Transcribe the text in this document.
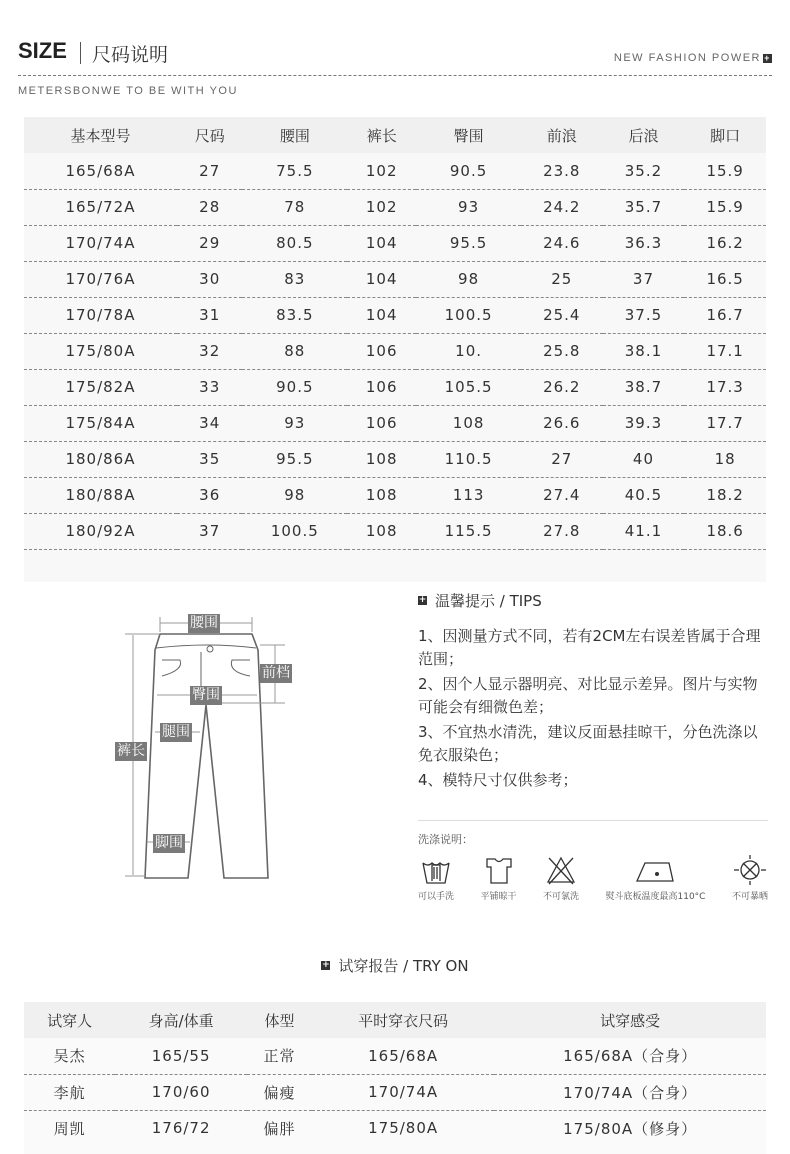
SIZE 尺码说明	NEW FASHION POWER +
METERSBONWE TO BE WITH YOU
基本型号	尺码	腰围	裤长	臀围	前浪	后浪	脚口
165/68A	27	75.5	102	90.5	23.8	35.2	15.9
165/72A	28	78	102	93	24.2	35.7	15.9
170/74A	29	80.5	104	95.5	24.6	36.3	16.2
170/76A	30	83	104	98	25	37	16.5
170/78A	31	83.5	104	100.5	25.4	37.5	16.7
175/80A	32	88	106	10.	25.8	38.1	17.1
175/82A	33	90.5	106	105.5	26.2	38.7	17.3
175/84A	34	93	106	108	26.6	39.3	17.7
180/86A	35	95.5	108	110.5	27	40	18
180/88A	36	98	108	113	27.4	40.5	18.2
180/92A	37	100.5	108	115.5	27.8	41.1	18.6
腰围
前档
臀围
腿围
裤长
脚围
+ 温馨提示 / TIPS
1、因测量方式不同，若有2CM左右误差皆属于合理范围；
2、因个人显示器明亮、对比显示差异。图片与实物可能会有细微色差；
3、不宜热水清洗，建议反面悬挂晾干，分色洗涤以免衣服染色；
4、模特尺寸仅供参考；
洗涤说明：
可以手洗	平铺晾干	不可氯洗	熨斗底板温度最高110°C	不可暴晒
+ 试穿报告 / TRY ON
试穿人	身高/体重	体型	平时穿衣尺码	试穿感受
吴杰	165/55	正常	165/68A	165/68A（合身）
李航	170/60	偏瘦	170/74A	170/74A（合身）
周凯	176/72	偏胖	175/80A	175/80A（修身）
